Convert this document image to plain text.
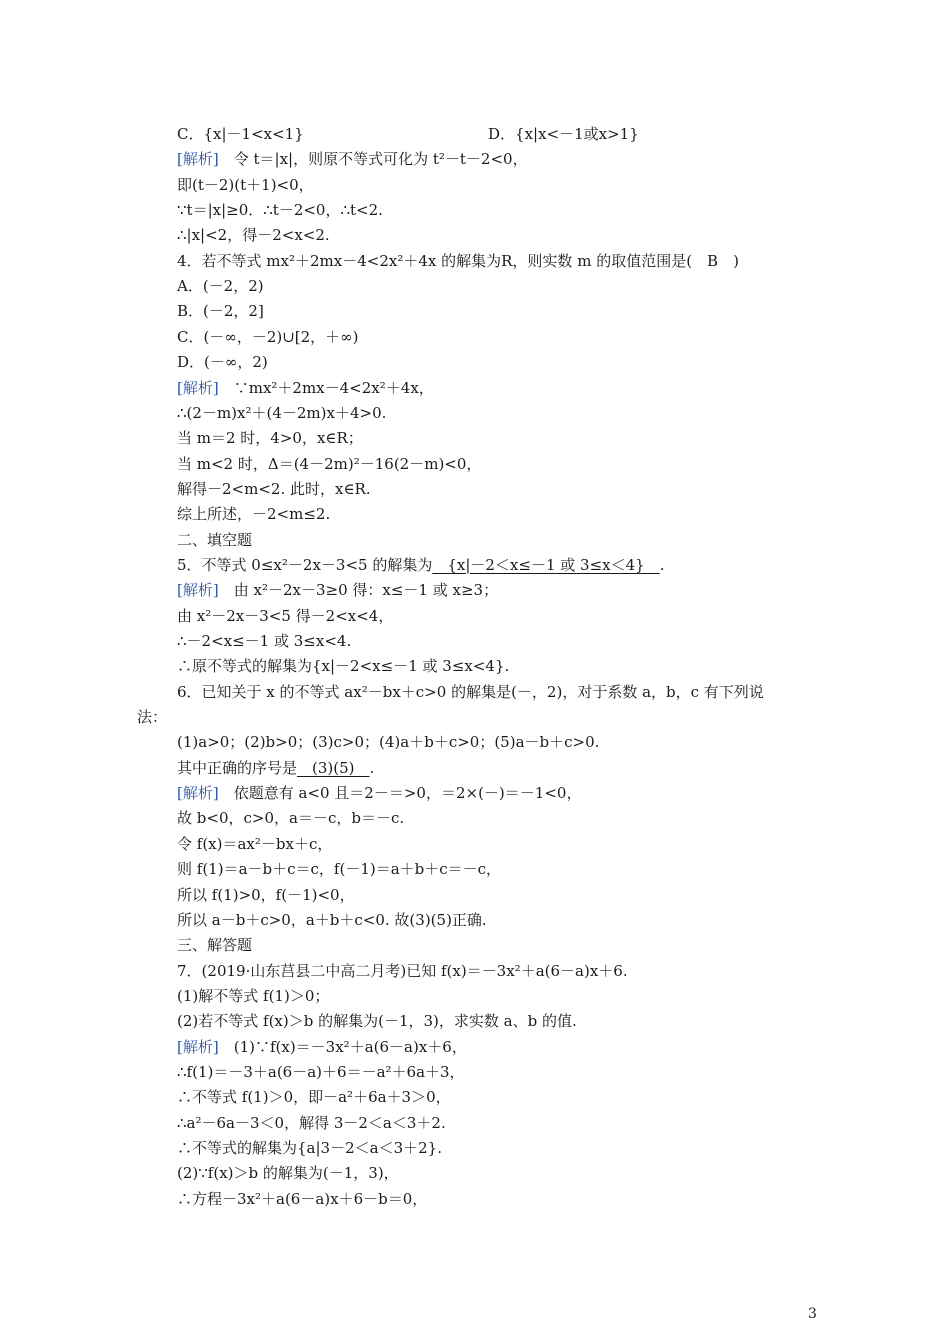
C．{x|－1<x<1}	D．{x|x<－1或x>1}
[解析]　令 t＝|x|，则原不等式可化为 t²－t－2<0，
即(t－2)(t＋1)<0，
∵t＝|x|≥0．∴t－2<0，∴t<2.
∴|x|<2，得－2<x<2.
4．若不等式 mx²＋2mx－4<2x²＋4x 的解集为R，则实数 m 的取值范围是(　B　)
A．(－2，2)
B．(－2，2]
C．(－∞，－2)∪[2，＋∞)
D．(－∞，2)
[解析]　∵mx²＋2mx－4<2x²＋4x，
∴(2－m)x²＋(4－2m)x＋4>0.
当 m＝2 时，4>0，x∈R；
当 m<2 时，Δ＝(4－2m)²－16(2－m)<0，
解得－2<m<2. 此时，x∈R.
综上所述，－2<m≤2.
二、填空题
5．不等式 0≤x²－2x－3<5 的解集为　{x|－2＜x≤－1 或 3≤x＜4}　.
[解析]　由 x²－2x－3≥0 得：x≤－1 或 x≥3；
由 x²－2x－3<5 得－2<x<4，
∴－2<x≤－1 或 3≤x<4.
∴原不等式的解集为{x|－2<x≤－1 或 3≤x<4}.
6．已知关于 x 的不等式 ax²－bx＋c>0 的解集是(－，2)，对于系数 a，b，c 有下列说
法：
(1)a>0；(2)b>0；(3)c>0；(4)a＋b＋c>0；(5)a－b＋c>0.
其中正确的序号是　(3)(5)　.
[解析]　依题意有 a<0 且＝2－＝>0，＝2×(－)＝－1<0，
故 b<0，c>0，a＝－c，b＝－c.
令 f(x)＝ax²－bx＋c，
则 f(1)＝a－b＋c＝c，f(－1)＝a＋b＋c＝－c，
所以 f(1)>0，f(－1)<0，
所以 a－b＋c>0，a＋b＋c<0. 故(3)(5)正确.
三、解答题
7．(2019·山东莒县二中高二月考)已知 f(x)＝－3x²＋a(6－a)x＋6.
(1)解不等式 f(1)＞0；
(2)若不等式 f(x)＞b 的解集为(－1，3)，求实数 a、b 的值.
[解析]　(1)∵f(x)＝－3x²＋a(6－a)x＋6，
∴f(1)＝－3＋a(6－a)＋6＝－a²＋6a＋3，
∴不等式 f(1)＞0，即－a²＋6a＋3＞0，
∴a²－6a－3＜0，解得 3－2＜a＜3＋2.
∴不等式的解集为{a|3－2＜a＜3＋2}.
(2)∵f(x)＞b 的解集为(－1，3)，
∴方程－3x²＋a(6－a)x＋6－b＝0，
3
